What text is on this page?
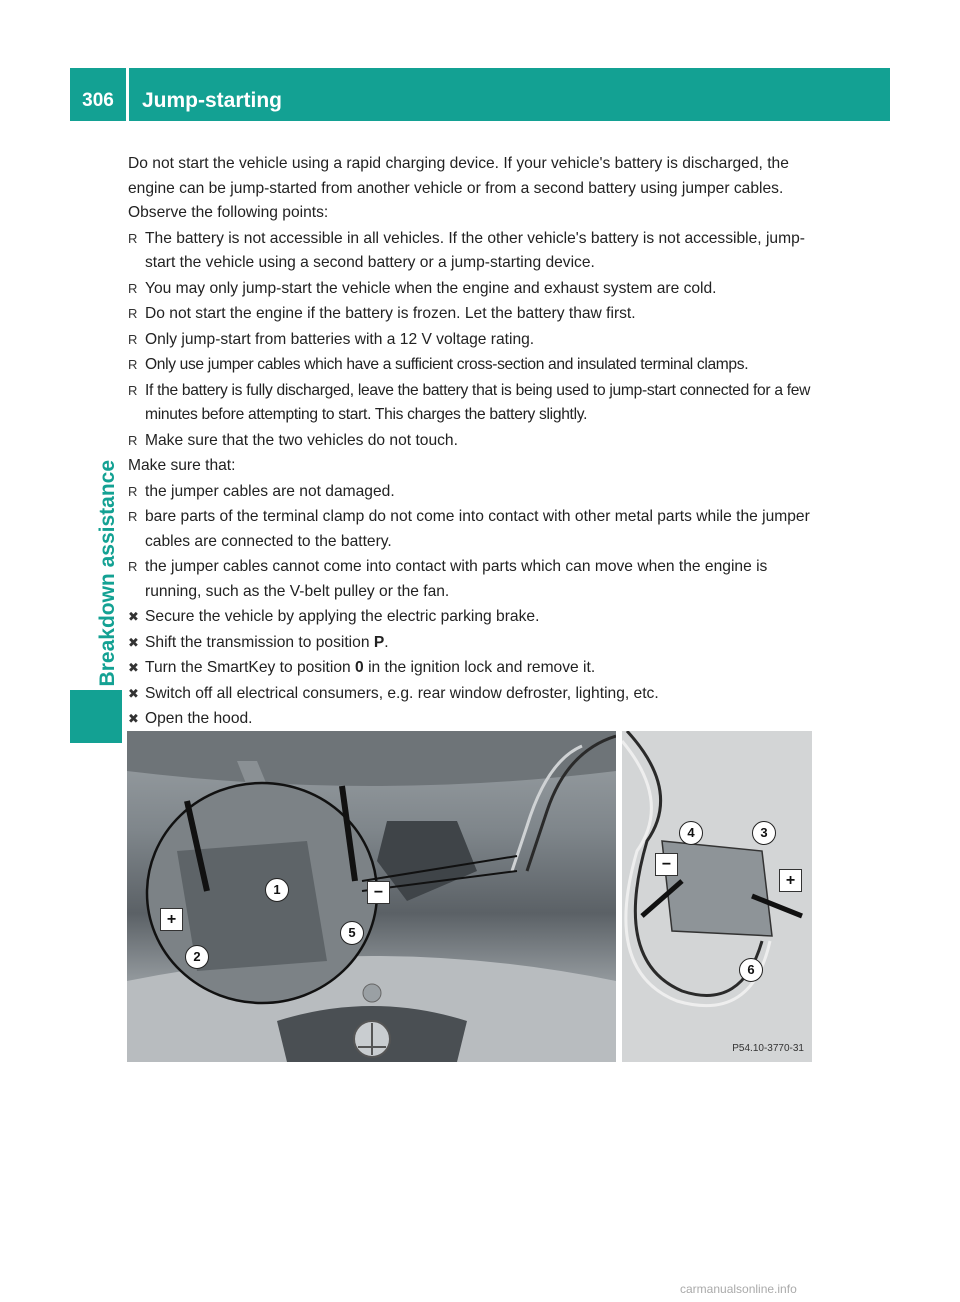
306	Jump-starting
Breakdown assistance

Do not start the vehicle using a rapid charging device. If your vehicle's battery is discharged, the engine can be jump-started from another vehicle or from a second battery using jumper cables. Observe the following points:

R The battery is not accessible in all vehicles. If the other vehicle's battery is not accessible, jump-start the vehicle using a second battery or a jump-starting device.
R You may only jump-start the vehicle when the engine and exhaust system are cold.
R Do not start the engine if the battery is frozen. Let the battery thaw first.
R Only jump-start from batteries with a 12 V voltage rating.
R Only use jumper cables which have a sufficient cross-section and insulated terminal clamps.
R If the battery is fully discharged, leave the battery that is being used to jump-start connected for a few minutes before attempting to start. This charges the battery slightly.
R Make sure that the two vehicles do not touch.

Make sure that:

R the jumper cables are not damaged.
R bare parts of the terminal clamp do not come into contact with other metal parts while the jumper cables are connected to the battery.
R the jumper cables cannot come into contact with parts which can move when the engine is running, such as the V-belt pulley or the fan.
✖ Secure the vehicle by applying the electric parking brake.
✖ Shift the transmission to position P.
✖ Turn the SmartKey to position 0 in the ignition lock and remove it.
✖ Switch off all electrical consumers, e.g. rear window defroster, lighting, etc.
✖ Open the hood.
1
2
5
+
−
4	3
6
−
+
P54.10-3770-31
carmanualsonline.info
